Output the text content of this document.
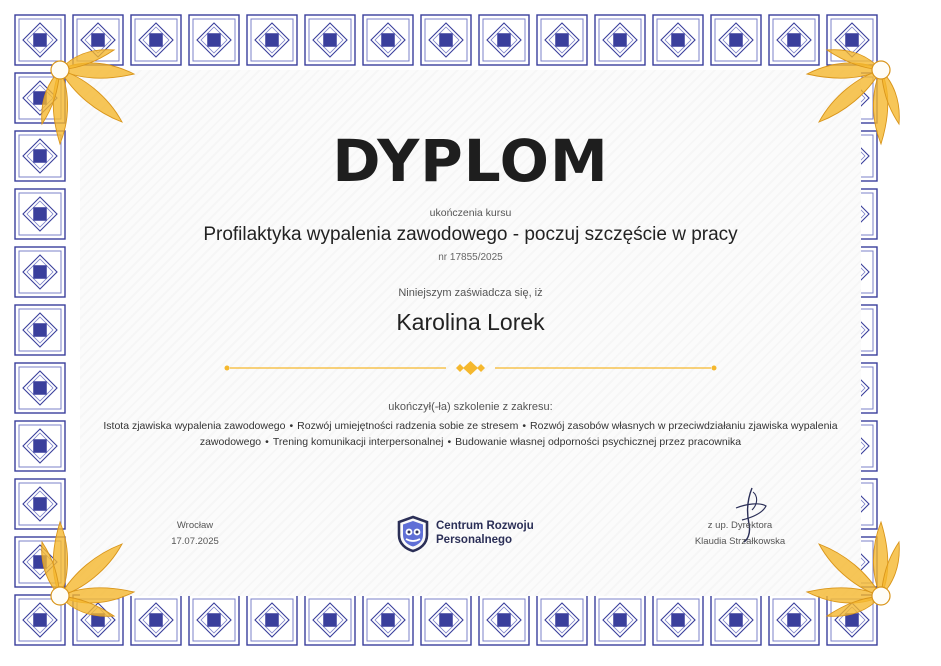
DYPLOM
ukończenia kursu
Profilaktyka wypalenia zawodowego - poczuj szczęście w pracy
nr 17855/2025
Niniejszym zaświadcza się, iż
Karolina Lorek
ukończył(-ła) szkolenie z zakresu:
Istota zjawiska wypalenia zawodowego • Rozwój umiejętności radzenia sobie ze stresem • Rozwój zasobów własnych w przeciwdziałaniu zjawiska wypalenia zawodowego • Trening komunikacji interpersonalnej • Budowanie własnej odporności psychicznej przez pracownika
Wrocław
17.07.2025
Centrum Rozwoju
Personalnego
z up. Dyrektora
Klaudia Strzałkowska
